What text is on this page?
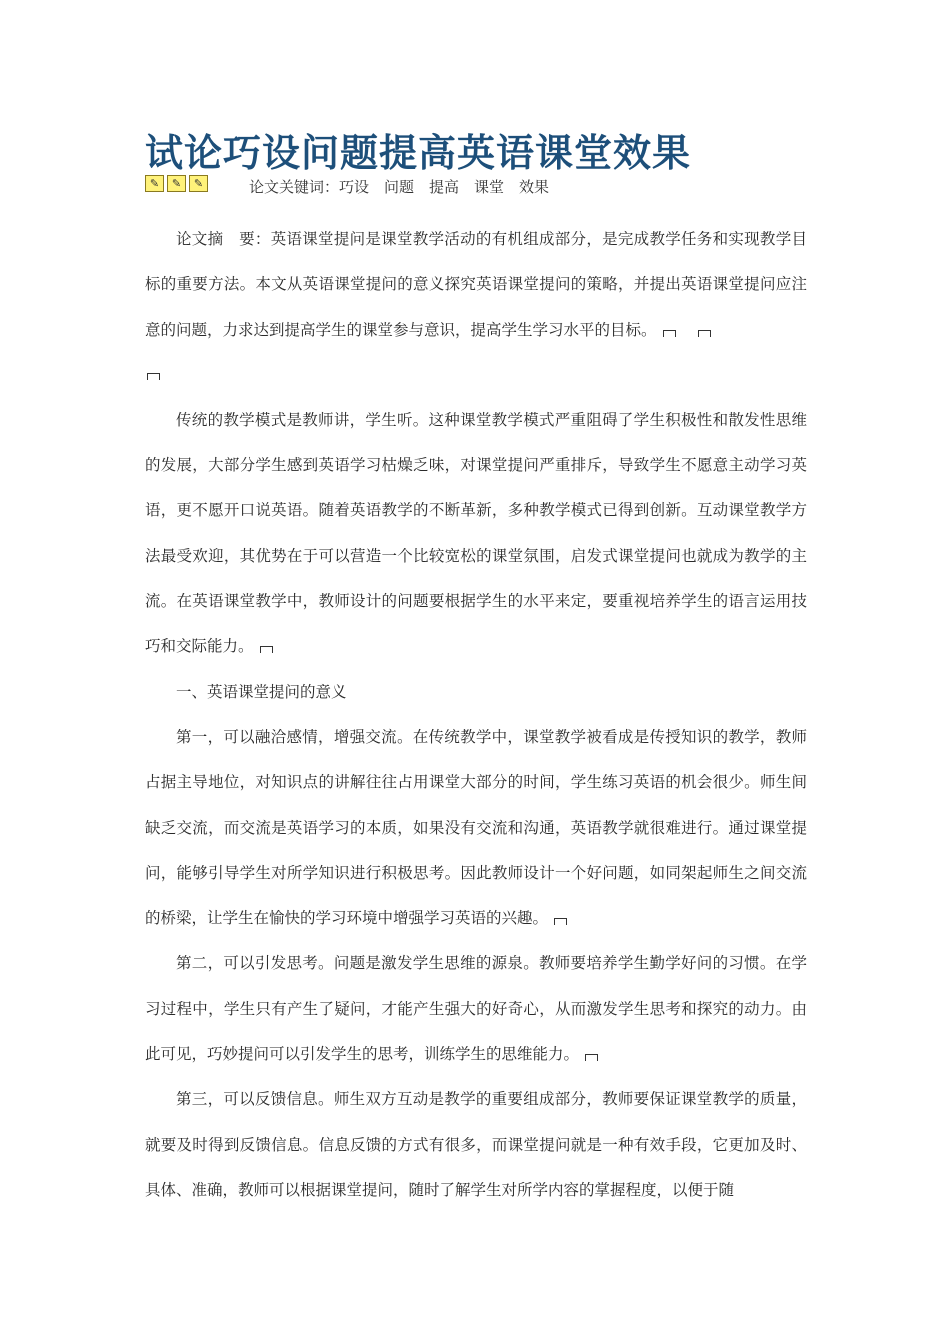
试论巧设问题提高英语课堂效果
✎	✎	✎	论文关键词：巧设　问题　提高　课堂　效果

论文摘　要：英语课堂提问是课堂教学活动的有机组成部分，是完成教学任务和实现教学目标的重要方法。本文从英语课堂提问的意义探究英语课堂提问的策略，并提出英语课堂提问应注意的问题，力求达到提高学生的课堂参与意识，提高学生学习水平的目标。

传统的教学模式是教师讲，学生听。这种课堂教学模式严重阻碍了学生积极性和散发性思维的发展，大部分学生感到英语学习枯燥乏味，对课堂提问严重排斥，导致学生不愿意主动学习英语，更不愿开口说英语。随着英语教学的不断革新，多种教学模式已得到创新。互动课堂教学方法最受欢迎，其优势在于可以营造一个比较宽松的课堂氛围，启发式课堂提问也就成为教学的主流。在英语课堂教学中，教师设计的问题要根据学生的水平来定，要重视培养学生的语言运用技巧和交际能力。

一、英语课堂提问的意义

第一，可以融洽感情，增强交流。在传统教学中，课堂教学被看成是传授知识的教学，教师占据主导地位，对知识点的讲解往往占用课堂大部分的时间，学生练习英语的机会很少。师生间缺乏交流，而交流是英语学习的本质，如果没有交流和沟通，英语教学就很难进行。通过课堂提问，能够引导学生对所学知识进行积极思考。因此教师设计一个好问题，如同架起师生之间交流的桥梁，让学生在愉快的学习环境中增强学习英语的兴趣。

第二，可以引发思考。问题是激发学生思维的源泉。教师要培养学生勤学好问的习惯。在学习过程中，学生只有产生了疑问，才能产生强大的好奇心，从而激发学生思考和探究的动力。由此可见，巧妙提问可以引发学生的思考，训练学生的思维能力。

第三，可以反馈信息。师生双方互动是教学的重要组成部分，教师要保证课堂教学的质量，就要及时得到反馈信息。信息反馈的方式有很多，而课堂提问就是一种有效手段，它更加及时、具体、准确，教师可以根据课堂提问，随时了解学生对所学内容的掌握程度，以便于随
